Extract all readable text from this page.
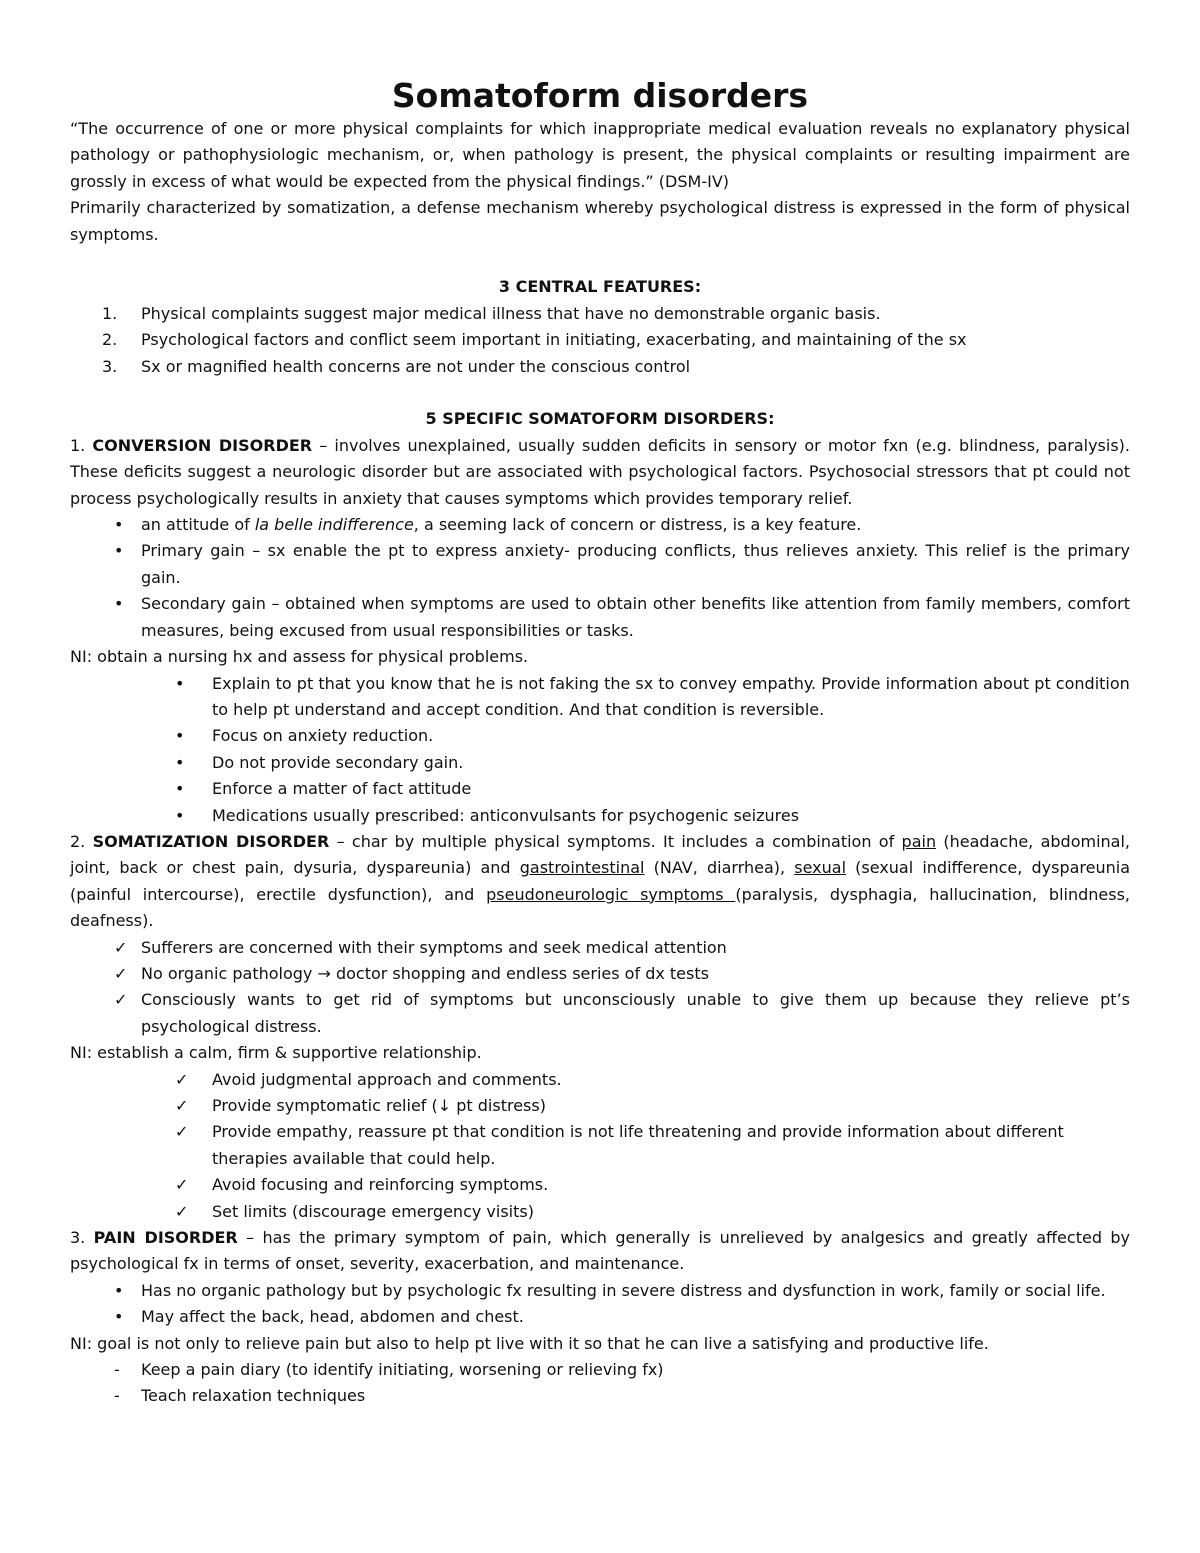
Somatoform disorders

“The occurrence of one or more physical complaints for which inappropriate medical evaluation reveals no explanatory physical pathology or pathophysiologic mechanism, or, when pathology is present, the physical complaints or resulting impairment are grossly in excess of what would be expected from the physical findings.” (DSM-IV)

Primarily characterized by somatization, a defense mechanism whereby psychological distress is expressed in the form of physical symptoms.

3 CENTRAL FEATURES:

1. Physical complaints suggest major medical illness that have no demonstrable organic basis.
2. Psychological factors and conflict seem important in initiating, exacerbating, and maintaining of the sx
3. Sx or magnified health concerns are not under the conscious control

5 SPECIFIC SOMATOFORM DISORDERS:

1. CONVERSION DISORDER – involves unexplained, usually sudden deficits in sensory or motor fxn (e.g. blindness, paralysis). These deficits suggest a neurologic disorder but are associated with psychological factors. Psychosocial stressors that pt could not process psychologically results in anxiety that causes symptoms which provides temporary relief.

• an attitude of la belle indifference, a seeming lack of concern or distress, is a key feature.
• Primary gain – sx enable the pt to express anxiety- producing conflicts, thus relieves anxiety. This relief is the primary gain.
• Secondary gain – obtained when symptoms are used to obtain other benefits like attention from family members, comfort measures, being excused from usual responsibilities or tasks.

NI: obtain a nursing hx and assess for physical problems.

• Explain to pt that you know that he is not faking the sx to convey empathy. Provide information about pt condition to help pt understand and accept condition. And that condition is reversible.
• Focus on anxiety reduction.
• Do not provide secondary gain.
• Enforce a matter of fact attitude
• Medications usually prescribed: anticonvulsants for psychogenic seizures

2. SOMATIZATION DISORDER – char by multiple physical symptoms. It includes a combination of pain (headache, abdominal, joint, back or chest pain, dysuria, dyspareunia) and gastrointestinal (NAV, diarrhea), sexual (sexual indifference, dyspareunia (painful intercourse), erectile dysfunction), and pseudoneurologic symptoms (paralysis, dysphagia, hallucination, blindness, deafness).

✓ Sufferers are concerned with their symptoms and seek medical attention
✓ No organic pathology → doctor shopping and endless series of dx tests
✓ Consciously wants to get rid of symptoms but unconsciously unable to give them up because they relieve pt’s psychological distress.

NI: establish a calm, firm & supportive relationship.

✓ Avoid judgmental approach and comments.
✓ Provide symptomatic relief (↓ pt distress)
✓ Provide empathy, reassure pt that condition is not life threatening and provide information about different therapies available that could help.
✓ Avoid focusing and reinforcing symptoms.
✓ Set limits (discourage emergency visits)

3. PAIN DISORDER – has the primary symptom of pain, which generally is unrelieved by analgesics and greatly affected by psychological fx in terms of onset, severity, exacerbation, and maintenance.

• Has no organic pathology but by psychologic fx resulting in severe distress and dysfunction in work, family or social life.
• May affect the back, head, abdomen and chest.

NI: goal is not only to relieve pain but also to help pt live with it so that he can live a satisfying and productive life.

- Keep a pain diary (to identify initiating, worsening or relieving fx)
- Teach relaxation techniques
